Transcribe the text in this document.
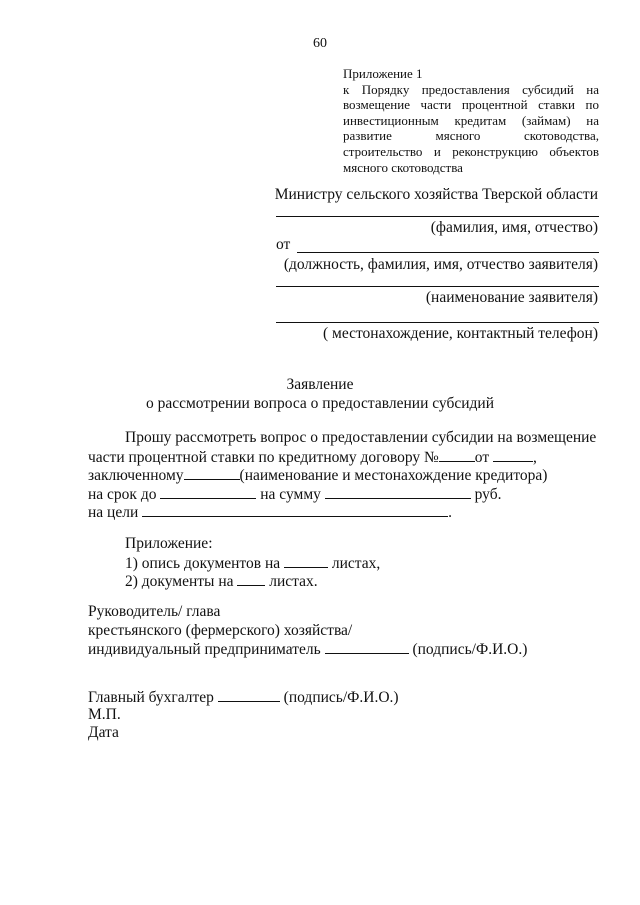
60
Приложение 1
к Порядку предоставления субсидий на
возмещение части процентной ставки по
инвестиционным кредитам (займам) на
развитие мясного скотоводства,
строительство и реконструкцию объектов
мясного скотоводства
Министру сельского хозяйства Тверской области
(фамилия, имя, отчество)
от
(должность, фамилия, имя, отчество заявителя)
(наименование заявителя)
( местонахождение, контактный телефон)
Заявление
о рассмотрении вопроса о предоставлении субсидий
Прошу рассмотреть вопрос о предоставлении субсидии на возмещение
части процентной ставки по кредитному договору № от	,
заключенному	(наименование и местонахождение кредитора)
на срок до	на сумму	руб.
на цели	.
Приложение:
1) опись документов на	листах,
2) документы на листах.
Руководитель/ глава
крестьянского (фермерского) хозяйства/
индивидуальный предприниматель	(подпись/Ф.И.О.)
Главный бухгалтер	(подпись/Ф.И.О.)
М.П.
Дата
